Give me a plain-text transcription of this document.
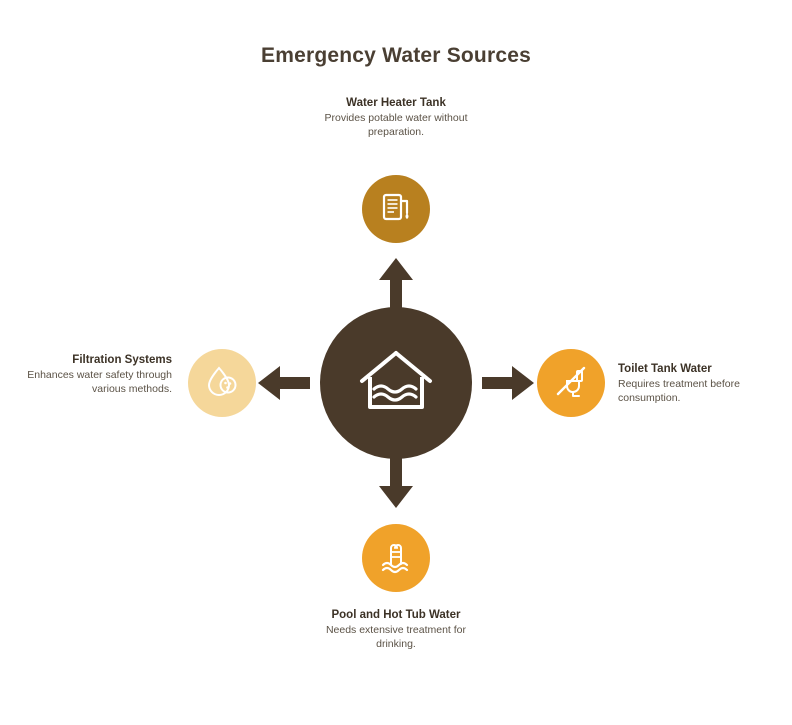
Emergency Water Sources
Water Heater Tank
Provides potable water without preparation.
Toilet Tank Water
Requires treatment before consumption.
Pool and Hot Tub Water
Needs extensive treatment for drinking.
Filtration Systems
Enhances water safety through various methods.
